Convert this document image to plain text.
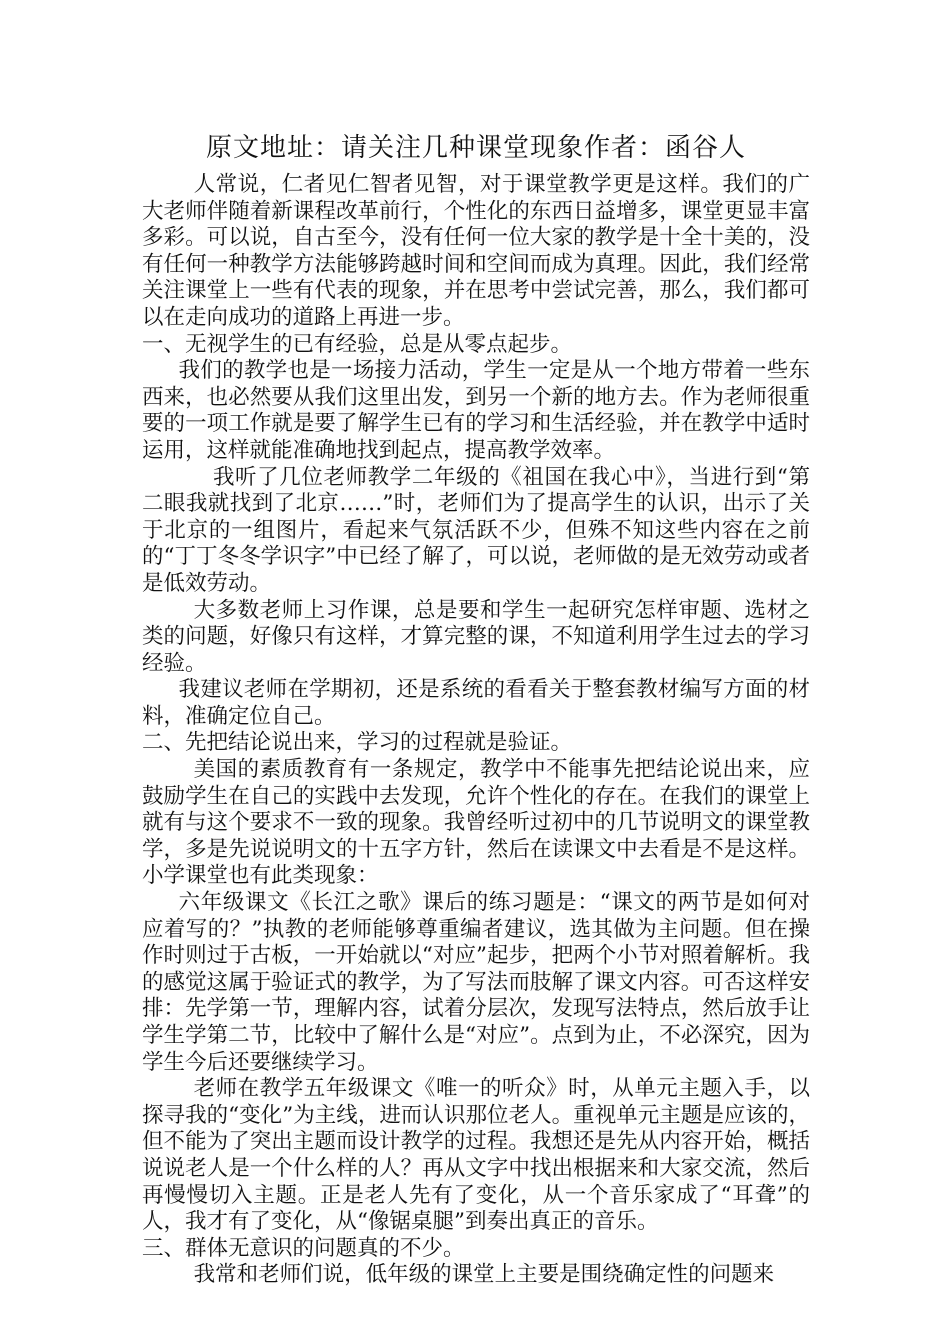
原文地址：请关注几种课堂现象作者：函谷人

人常说，仁者见仁智者见智，对于课堂教学更是这样。我们的广大老师伴随着新课程改革前行，个性化的东西日益增多，课堂更显丰富多彩。可以说，自古至今，没有任何一位大家的教学是十全十美的，没有任何一种教学方法能够跨越时间和空间而成为真理。因此，我们经常关注课堂上一些有代表的现象，并在思考中尝试完善，那么，我们都可以在走向成功的道路上再进一步。

一、无视学生的已有经验，总是从零点起步。

我们的教学也是一场接力活动，学生一定是从一个地方带着一些东西来，也必然要从我们这里出发，到另一个新的地方去。作为老师很重要的一项工作就是要了解学生已有的学习和生活经验，并在教学中适时运用，这样就能准确地找到起点，提高教学效率。

我听了几位老师教学二年级的《祖国在我心中》，当进行到“第二眼我就找到了北京……”时，老师们为了提高学生的认识，出示了关于北京的一组图片，看起来气氛活跃不少，但殊不知这些内容在之前的“丁丁冬冬学识字”中已经了解了，可以说，老师做的是无效劳动或者是低效劳动。

大多数老师上习作课，总是要和学生一起研究怎样审题、选材之类的问题，好像只有这样，才算完整的课，不知道利用学生过去的学习经验。

我建议老师在学期初，还是系统的看看关于整套教材编写方面的材料，准确定位自己。

二、先把结论说出来，学习的过程就是验证。

美国的素质教育有一条规定，教学中不能事先把结论说出来，应鼓励学生在自己的实践中去发现，允许个性化的存在。在我们的课堂上就有与这个要求不一致的现象。我曾经听过初中的几节说明文的课堂教学，多是先说说明文的十五字方针，然后在读课文中去看是不是这样。小学课堂也有此类现象：

六年级课文《长江之歌》课后的练习题是：“课文的两节是如何对应着写的？”执教的老师能够尊重编者建议，选其做为主问题。但在操作时则过于古板，一开始就以“对应”起步，把两个小节对照着解析。我的感觉这属于验证式的教学，为了写法而肢解了课文内容。可否这样安排：先学第一节，理解内容，试着分层次，发现写法特点，然后放手让学生学第二节，比较中了解什么是“对应”。点到为止，不必深究，因为学生今后还要继续学习。

老师在教学五年级课文《唯一的听众》时，从单元主题入手，以探寻我的“变化”为主线，进而认识那位老人。重视单元主题是应该的，但不能为了突出主题而设计教学的过程。我想还是先从内容开始，概括说说老人是一个什么样的人？再从文字中找出根据来和大家交流，然后再慢慢切入主题。正是老人先有了变化，从一个音乐家成了“耳聋”的人，我才有了变化，从“像锯桌腿”到奏出真正的音乐。

三、群体无意识的问题真的不少。

我常和老师们说，低年级的课堂上主要是围绕确定性的问题来
